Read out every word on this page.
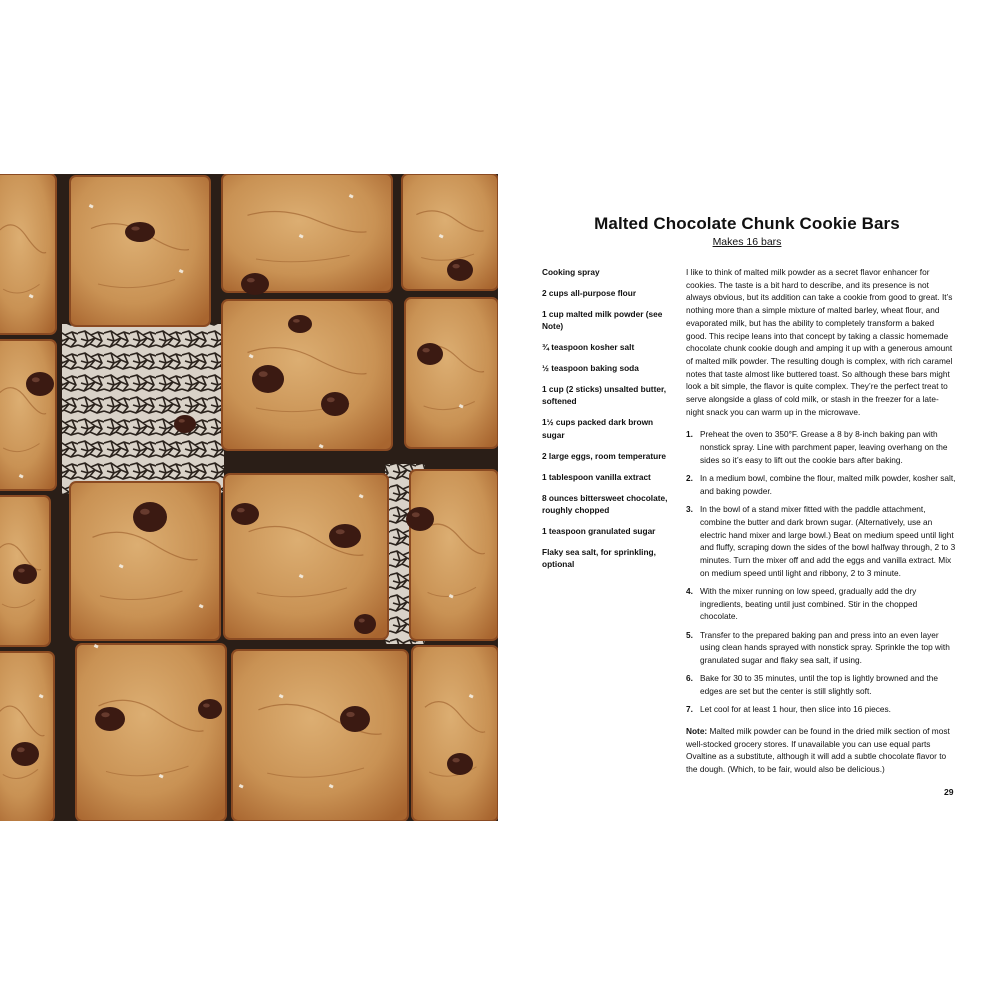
Malted Chocolate Chunk Cookie Bars

Makes 16 bars

Cooking spray
2 cups all-purpose flour
1 cup malted milk powder (see Note)
¾ teaspoon kosher salt
½ teaspoon baking soda
1 cup (2 sticks) unsalted butter, softened
1½ cups packed dark brown sugar
2 large eggs, room temperature
1 tablespoon vanilla extract
8 ounces bittersweet chocolate, roughly chopped
1 teaspoon granulated sugar
Flaky sea salt, for sprinkling, optional

I like to think of malted milk powder as a secret flavor enhancer for cookies. The taste is a bit hard to describe, and its presence is not always obvious, but its addition can take a cookie from good to great. It’s nothing more than a simple mixture of malted barley, wheat flour, and evaporated milk, but has the ability to completely transform a baked good. This recipe leans into that concept by taking a classic homemade chocolate chunk cookie dough and amping it up with a generous amount of malted milk powder. The resulting dough is complex, with rich caramel notes that taste almost like buttered toast. So although these bars might look a bit simple, the flavor is quite complex. They’re the perfect treat to serve alongside a glass of cold milk, or stash in the freezer for a late-night snack you can warm up in the microwave.

1. Preheat the oven to 350°F. Grease a 8 by 8-inch baking pan with nonstick spray. Line with parchment paper, leaving overhang on the sides so it’s easy to lift out the cookie bars after baking.
2. In a medium bowl, combine the flour, malted milk powder, kosher salt, and baking powder.
3. In the bowl of a stand mixer fitted with the paddle attachment, combine the butter and dark brown sugar. (Alternatively, use an electric hand mixer and large bowl.) Beat on medium speed until light and fluffy, scraping down the sides of the bowl halfway through, 2 to 3 minutes. Turn the mixer off and add the eggs and vanilla extract. Mix on medium speed until light and ribbony, 2 to 3 minute.
4. With the mixer running on low speed, gradually add the dry ingredients, beating until just combined. Stir in the chopped chocolate.
5. Transfer to the prepared baking pan and press into an even layer using clean hands sprayed with nonstick spray. Sprinkle the top with granulated sugar and flaky sea salt, if using.
6. Bake for 30 to 35 minutes, until the top is lightly browned and the edges are set but the center is still slightly soft.
7. Let cool for at least 1 hour, then slice into 16 pieces.

Note: Malted milk powder can be found in the dried milk section of most well-stocked grocery stores. If unavailable you can use equal parts Ovaltine as a substitute, although it will add a subtle chocolate flavor to the dough. (Which, to be fair, would also be delicious.)

29
